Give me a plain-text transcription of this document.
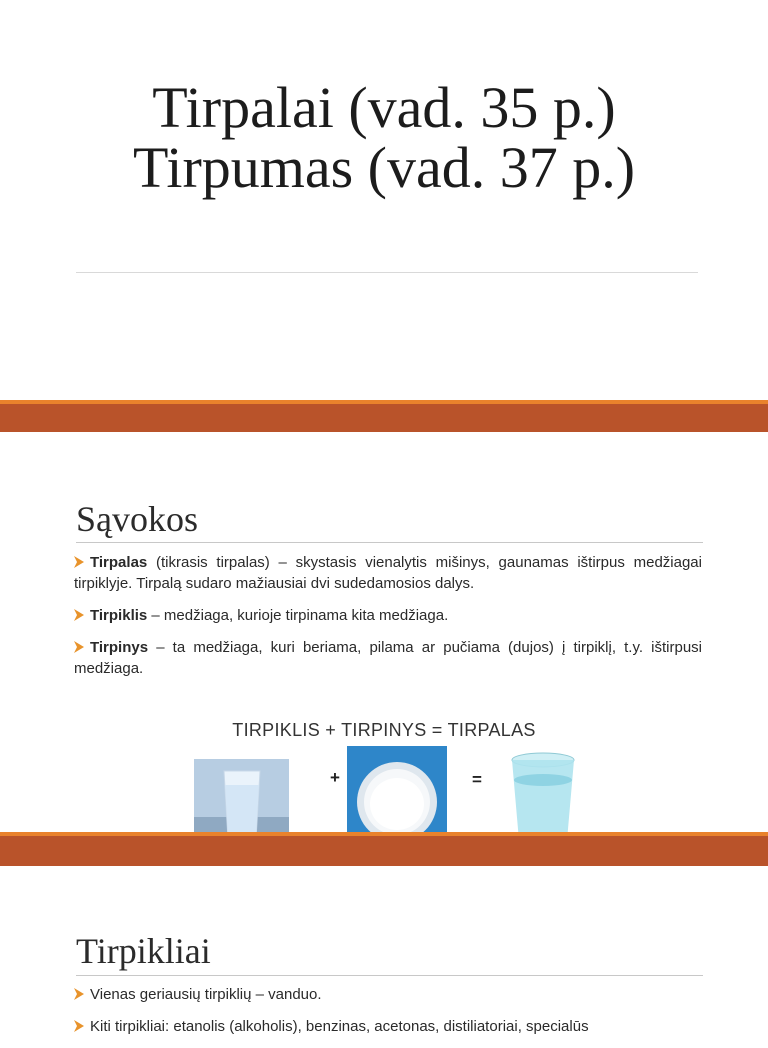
Tirpalai (vad. 35 p.)
Tirpumas (vad. 37 p.)
Sąvokos
Tirpalas (tikrasis tirpalas) – skystasis vienalytis mišinys, gaunamas ištirpus medžiagai tirpiklyje. Tirpalą sudaro mažiausiai dvi sudedamosios dalys.
Tirpiklis – medžiaga, kurioje tirpinama kita medžiaga.
Tirpinys – ta medžiaga, kuri beriama, pilama ar pučiama (dujos) į tirpiklį, t.y. ištirpusi medžiaga.
TIRPIKLIS + TIRPINYS = TIRPALAS
+	=
Tirpikliai
Vienas geriausių tirpiklių – vanduo.
Kiti tirpikliai: etanolis (alkoholis), benzinas, acetonas, distiliatoriai, specialūs
